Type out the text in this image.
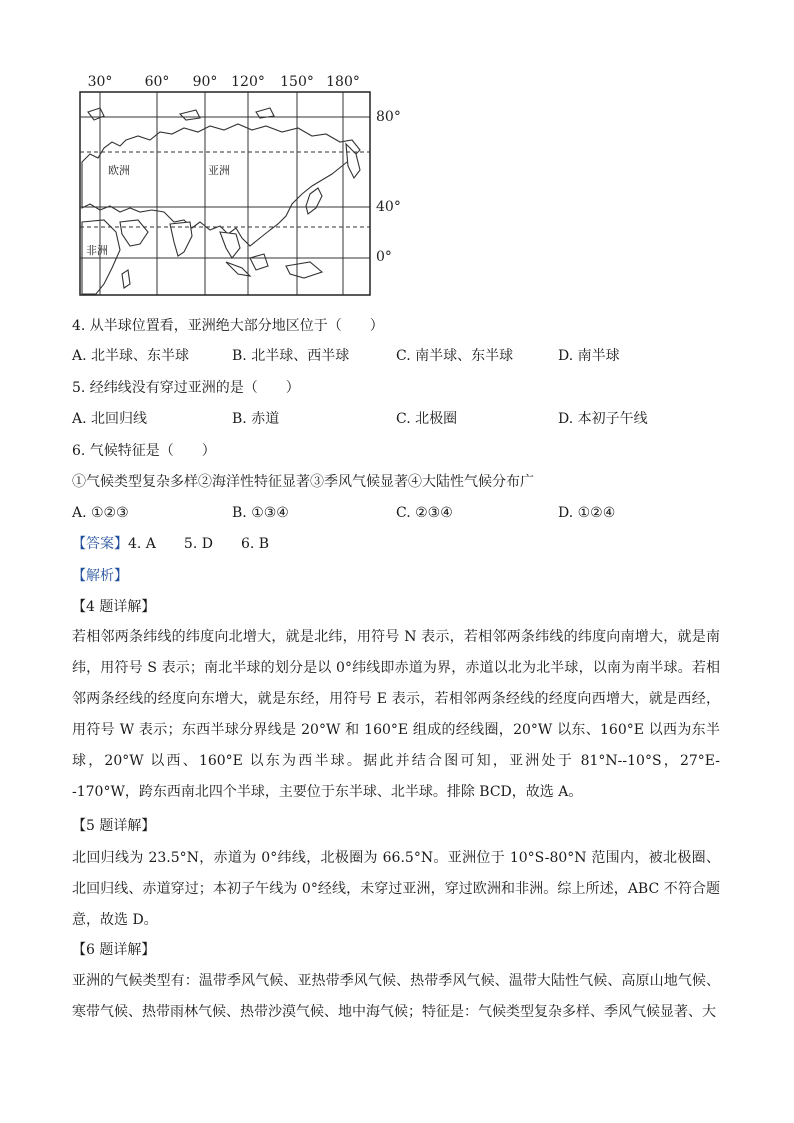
30° 60° 90° 120° 150° 180°
80°
40°
0°
欧洲	亚洲
非洲
4. 从半球位置看，亚洲绝大部分地区位于（　　）
A. 北半球、东半球	B. 北半球、西半球	C. 南半球、东半球	D. 南半球
5. 经纬线没有穿过亚洲的是（　　）
A. 北回归线	B. 赤道	C. 北极圈	D. 本初子午线
6. 气候特征是（　　）
①气候类型复杂多样②海洋性特征显著③季风气候显著④大陆性气候分布广
A. ①②③	B. ①③④	C. ②③④	D. ①②④
【答案】4. A　　5. D　　6. B
【解析】
【4 题详解】
若相邻两条纬线的纬度向北增大，就是北纬，用符号 N 表示，若相邻两条纬线的纬度向南增大，就是南纬，用符号 S 表示；南北半球的划分是以 0°纬线即赤道为界，赤道以北为北半球，以南为南半球。若相邻两条经线的经度向东增大，就是东经，用符号 E 表示，若相邻两条经线的经度向西增大，就是西经，用符号 W 表示；东西半球分界线是 20°W 和 160°E 组成的经线圈，20°W 以东、160°E 以西为东半球，20°W 以西、160°E 以东为西半球。据此并结合图可知，亚洲处于 81°N--10°S，27°E--170°W，跨东西南北四个半球，主要位于东半球、北半球。排除 BCD，故选 A。
【5 题详解】
北回归线为 23.5°N，赤道为 0°纬线，北极圈为 66.5°N。亚洲位于 10°S-80°N 范围内，被北极圈、北回归线、赤道穿过；本初子午线为 0°经线，未穿过亚洲，穿过欧洲和非洲。综上所述，ABC 不符合题意，故选 D。
【6 题详解】
亚洲的气候类型有：温带季风气候、亚热带季风气候、热带季风气候、温带大陆性气候、高原山地气候、寒带气候、热带雨林气候、热带沙漠气候、地中海气候；特征是：气候类型复杂多样、季风气候显著、大
